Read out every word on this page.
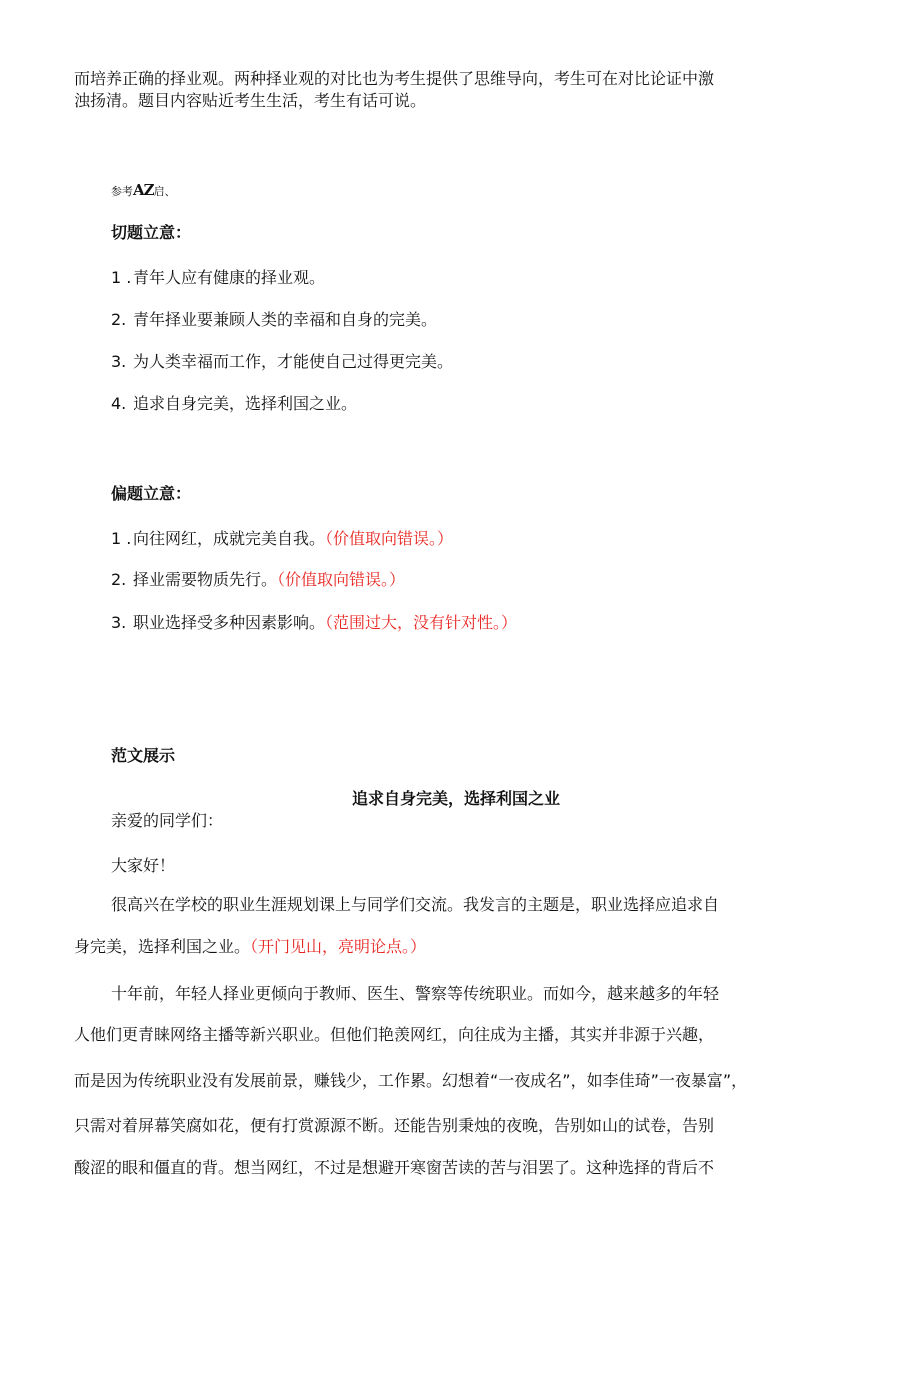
而培养正确的择业观。两种择业观的对比也为考生提供了思维导向，考生可在对比论证中激
浊扬清。题目内容贴近考生生活，考生有话可说。
参考AZ启、
切题立意：
1 . 青年人应有健康的择业观。
2. 青年择业要兼顾人类的幸福和自身的完美。
3. 为人类幸福而工作，才能使自己过得更完美。
4. 追求自身完美，选择利国之业。
偏题立意：
1 . 向往网红，成就完美自我。（价值取向错误。）
2. 择业需要物质先行。（价值取向错误。）
3. 职业选择受多种因素影响。（范围过大，没有针对性。）
范文展示
追求自身完美，选择利国之业
亲爱的同学们：
大家好！
很高兴在学校的职业生涯规划课上与同学们交流。我发言的主题是，职业选择应追求自
身完美，选择利国之业。（开门见山，亮明论点。）
十年前，年轻人择业更倾向于教师、医生、警察等传统职业。而如今，越来越多的年轻
人他们更青睐网络主播等新兴职业。但他们艳羡网红，向往成为主播，其实并非源于兴趣，
而是因为传统职业没有发展前景，赚钱少，工作累。幻想着“一夜成名”，如李佳琦”一夜暴富”，
只需对着屏幕笑腐如花，便有打赏源源不断。还能告别秉烛的夜晚，告别如山的试卷，告别
酸涩的眼和僵直的背。想当网红，不过是想避开寒窗苦读的苦与泪罢了。这种选择的背后不
